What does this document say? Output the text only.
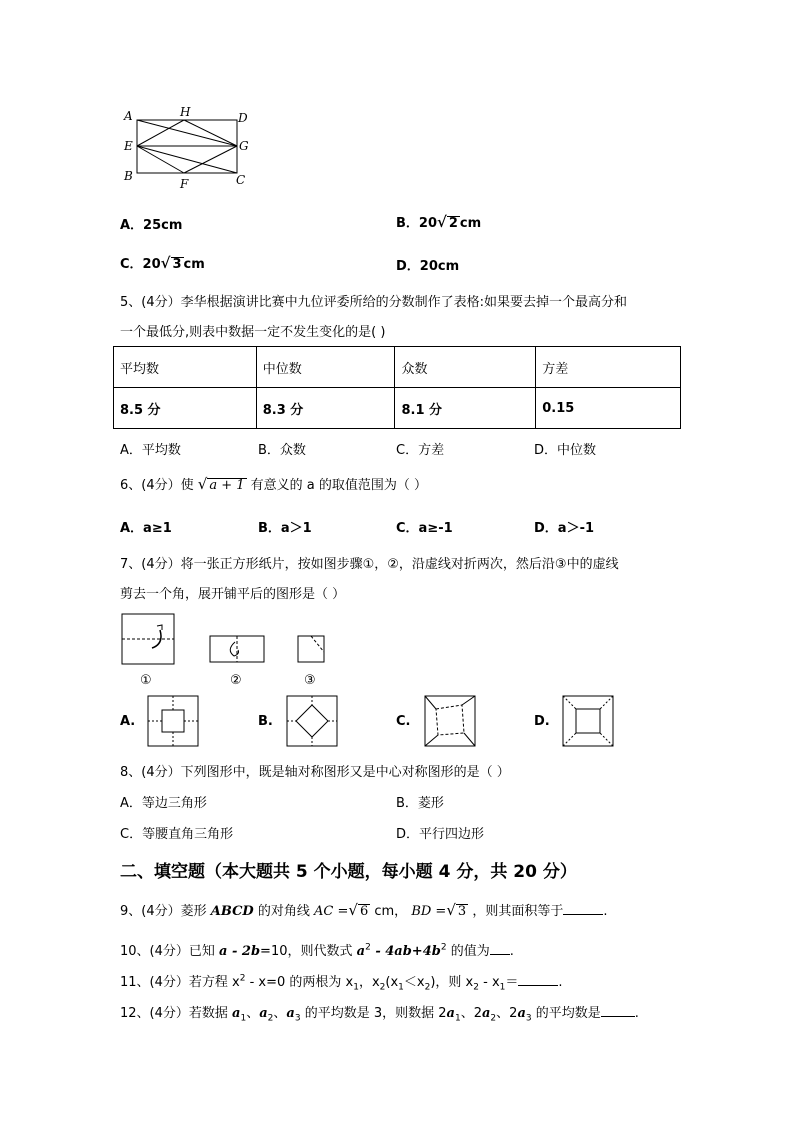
A	H	D
E	G
B
F	C
A．25cm	B．20√ 2 cm
C．20√ 3 cm	D．20cm
5、(4分）李华根据演讲比赛中九位评委所给的分数制作了表格:如果要去掉一个最高分和
一个最低分,则表中数据一定不发生变化的是( )
平均数	中位数	众数	方差
8.5 分	8.3 分	8.1 分	0.15
A．平均数	B．众数	C．方差	D．中位数
6、(4分）使 √ a + 1 有意义的 a 的取值范围为（ ）
A．a≥1	B．a＞1	C．a≥-1	D．a＞-1
7、(4分）将一张正方形纸片，按如图步骤①，②，沿虚线对折两次，然后沿③中的虚线
剪去一个角，展开铺平后的图形是（ ）
①	②	③
A.	B.	C.	D.
8、(4分）下列图形中，既是轴对称图形又是中心对称图形的是（ ）
A．等边三角形	B．菱形
C．等腰直角三角形	D．平行四边形
二、填空题（本大题共 5 个小题，每小题 4 分，共 20 分）
9、(4分）菱形 ABCD 的对角线 AC =√ 6 cm， BD =√ 3 ，则其面积等于	.
10、(4分）已知 a - 2b=10，则代数式 $a^2 - 4ab+4b^2$ 的值为 .
11、(4分）若方程 $x^2 - x=0$ 的两根为 $x_1$，$x_2(x_1<x_2)$，则 $x_2 - x_1=$	.
12、(4分）若数据 $a_1$、$a_2$、$a_3$ 的平均数是 3，则数据 $2a_1$、$2a_2$、$2a_3$ 的平均数是	.
